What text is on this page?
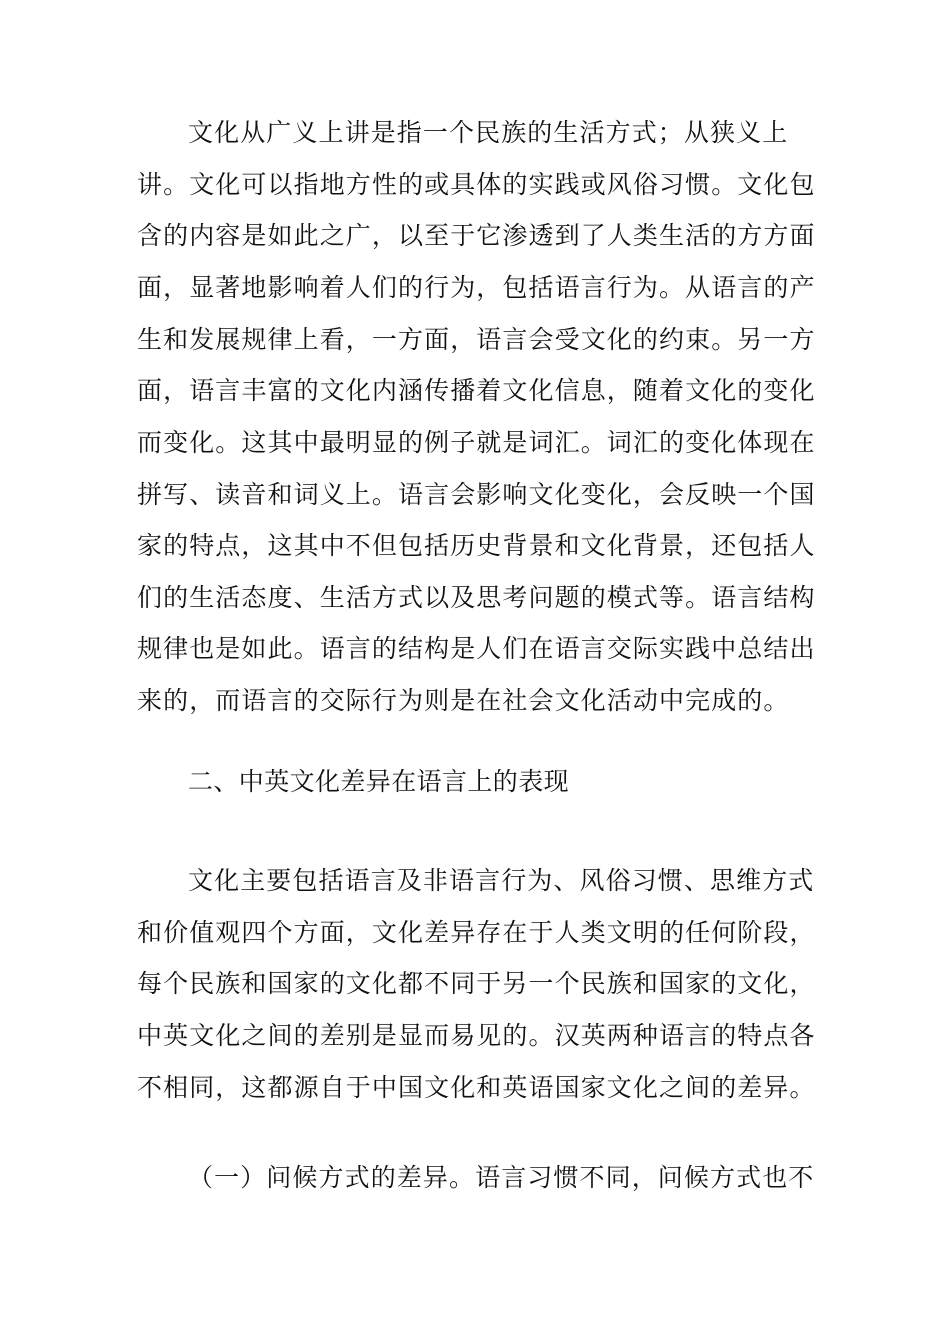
文化从广义上讲是指一个民族的生活方式；从狭义上
讲。文化可以指地方性的或具体的实践或风俗习惯。文化包
含的内容是如此之广，以至于它渗透到了人类生活的方方面
面，显著地影响着人们的行为，包括语言行为。从语言的产
生和发展规律上看，一方面，语言会受文化的约束。另一方
面，语言丰富的文化内涵传播着文化信息，随着文化的变化
而变化。这其中最明显的例子就是词汇。词汇的变化体现在
拼写、读音和词义上。语言会影响文化变化，会反映一个国
家的特点，这其中不但包括历史背景和文化背景，还包括人
们的生活态度、生活方式以及思考问题的模式等。语言结构
规律也是如此。语言的结构是人们在语言交际实践中总结出
来的，而语言的交际行为则是在社会文化活动中完成的。
二、中英文化差异在语言上的表现
文化主要包括语言及非语言行为、风俗习惯、思维方式
和价值观四个方面，文化差异存在于人类文明的任何阶段，
每个民族和国家的文化都不同于另一个民族和国家的文化，
中英文化之间的差别是显而易见的。汉英两种语言的特点各
不相同，这都源自于中国文化和英语国家文化之间的差异。
（一）问候方式的差异。语言习惯不同，问候方式也不
